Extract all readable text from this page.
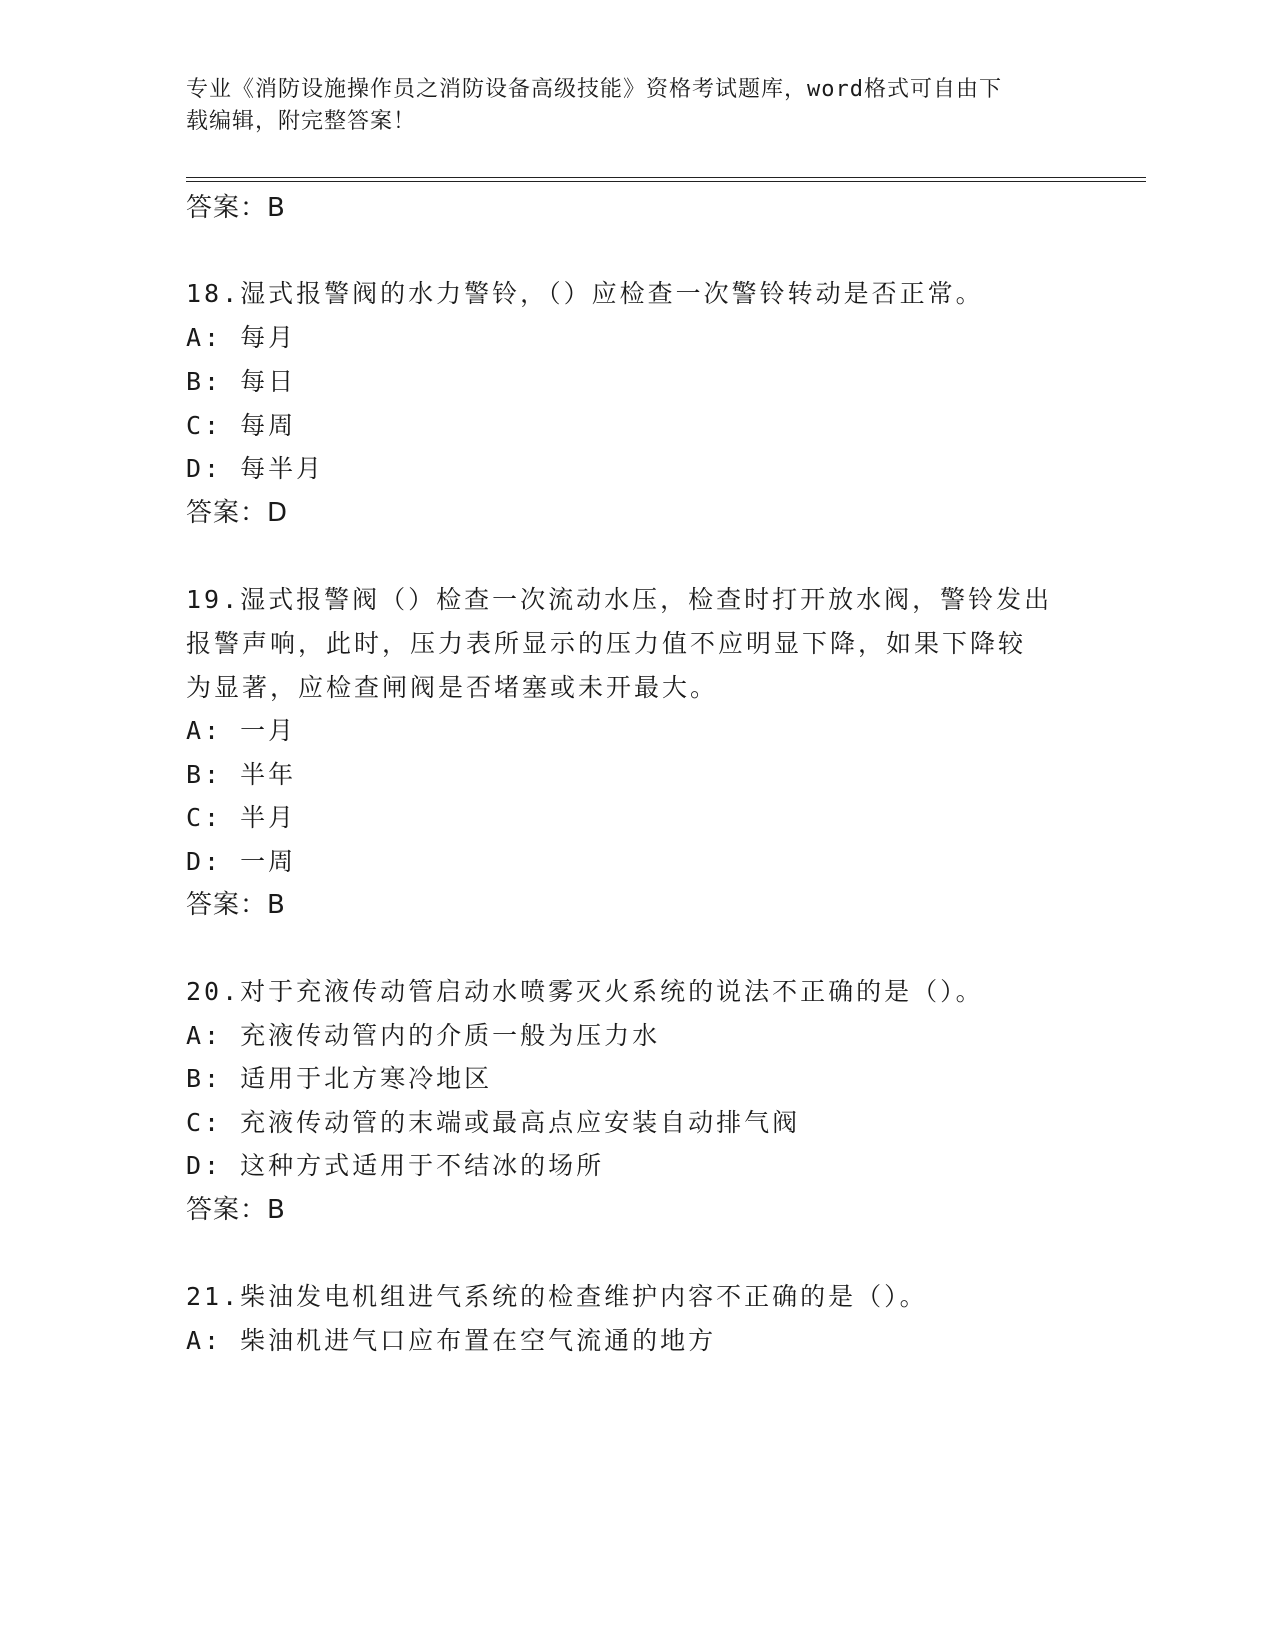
专业《消防设施操作员之消防设备高级技能》资格考试题库，word格式可自由下
载编辑，附完整答案！
答案：B
18.湿式报警阀的水力警铃，（）应检查一次警铃转动是否正常。
A: 每月
B: 每日
C: 每周
D: 每半月
答案：D
19.湿式报警阀（）检查一次流动水压，检查时打开放水阀，警铃发出
报警声响，此时，压力表所显示的压力值不应明显下降，如果下降较
为显著，应检查闸阀是否堵塞或未开最大。
A: 一月
B: 半年
C: 半月
D: 一周
答案：B
20.对于充液传动管启动水喷雾灭火系统的说法不正确的是（）。
A: 充液传动管内的介质一般为压力水
B: 适用于北方寒冷地区
C: 充液传动管的末端或最高点应安装自动排气阀
D: 这种方式适用于不结冰的场所
答案：B
21.柴油发电机组进气系统的检查维护内容不正确的是（）。
A: 柴油机进气口应布置在空气流通的地方
